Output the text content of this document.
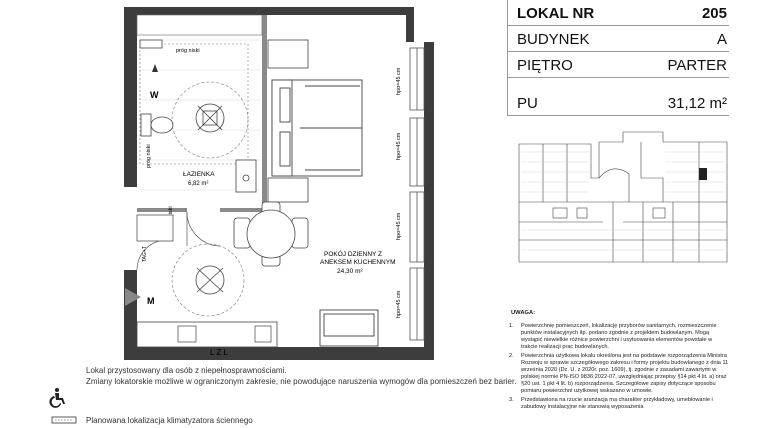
W
M
próg niski
próg niski
ŁAZIENKA
6,82 m²
TAG+T
L Z L
POKÓJ DZIENNY Z
ANEKSEM KUCHENNYM
24,30 m²
hpo=45 cm
hpo=45 cm
hpo=45 cm
hpo=45 cm
Lokal przystosowany dla osób z niepełnosprawnościami.
Zmiany lokatorskie możliwe w ograniczonym zakresie, nie powodujące naruszenia wymogów dla pomieszczeń bez barier.
Planowana lokalizacja klimatyzatora ściennego
LOKAL NR	205
BUDYNEK	A
PIĘTRO	PARTER
PU	31,12 m²
UWAGA:
1. Powierzchnię pomieszczeń, lokalizację przyborów sanitarnych, rozmieszczenie punktów instalacyjnych itp. podano zgodnie z projektem budowlanym. Mogą wystąpić niewielkie różnice powierzchni i usytuowania elementów powstałe w trakcie realizacji prac budowlanych.
2. Powierzchnia użytkowa lokalu określona jest na podstawie rozporządzenia Ministra Rozwoju w sprawie szczegółowego zakresu i formy projektu budowlanego z dnia 11 września 2020 (Dz. U. z 2020r. poz. 1609), tj. zgodnie z zasadami zawartymi w polskiej normie PN-ISO 9836:2022-07, uwzględniając przepisy §14 pkt 4 lit. a) oraz §20 ust. 1 pkt 4 lit. b) rozporządzenia. Szczegółowe zapisy dotyczące sposobu pomiaru powierzchni użytkowej wskazano w umowie.
3. Przedstawiona na rzucie aranżacja ma charakter przykładowy, umeblowanie i zabudowy instalacyjne nie stanowią wyposażenia
